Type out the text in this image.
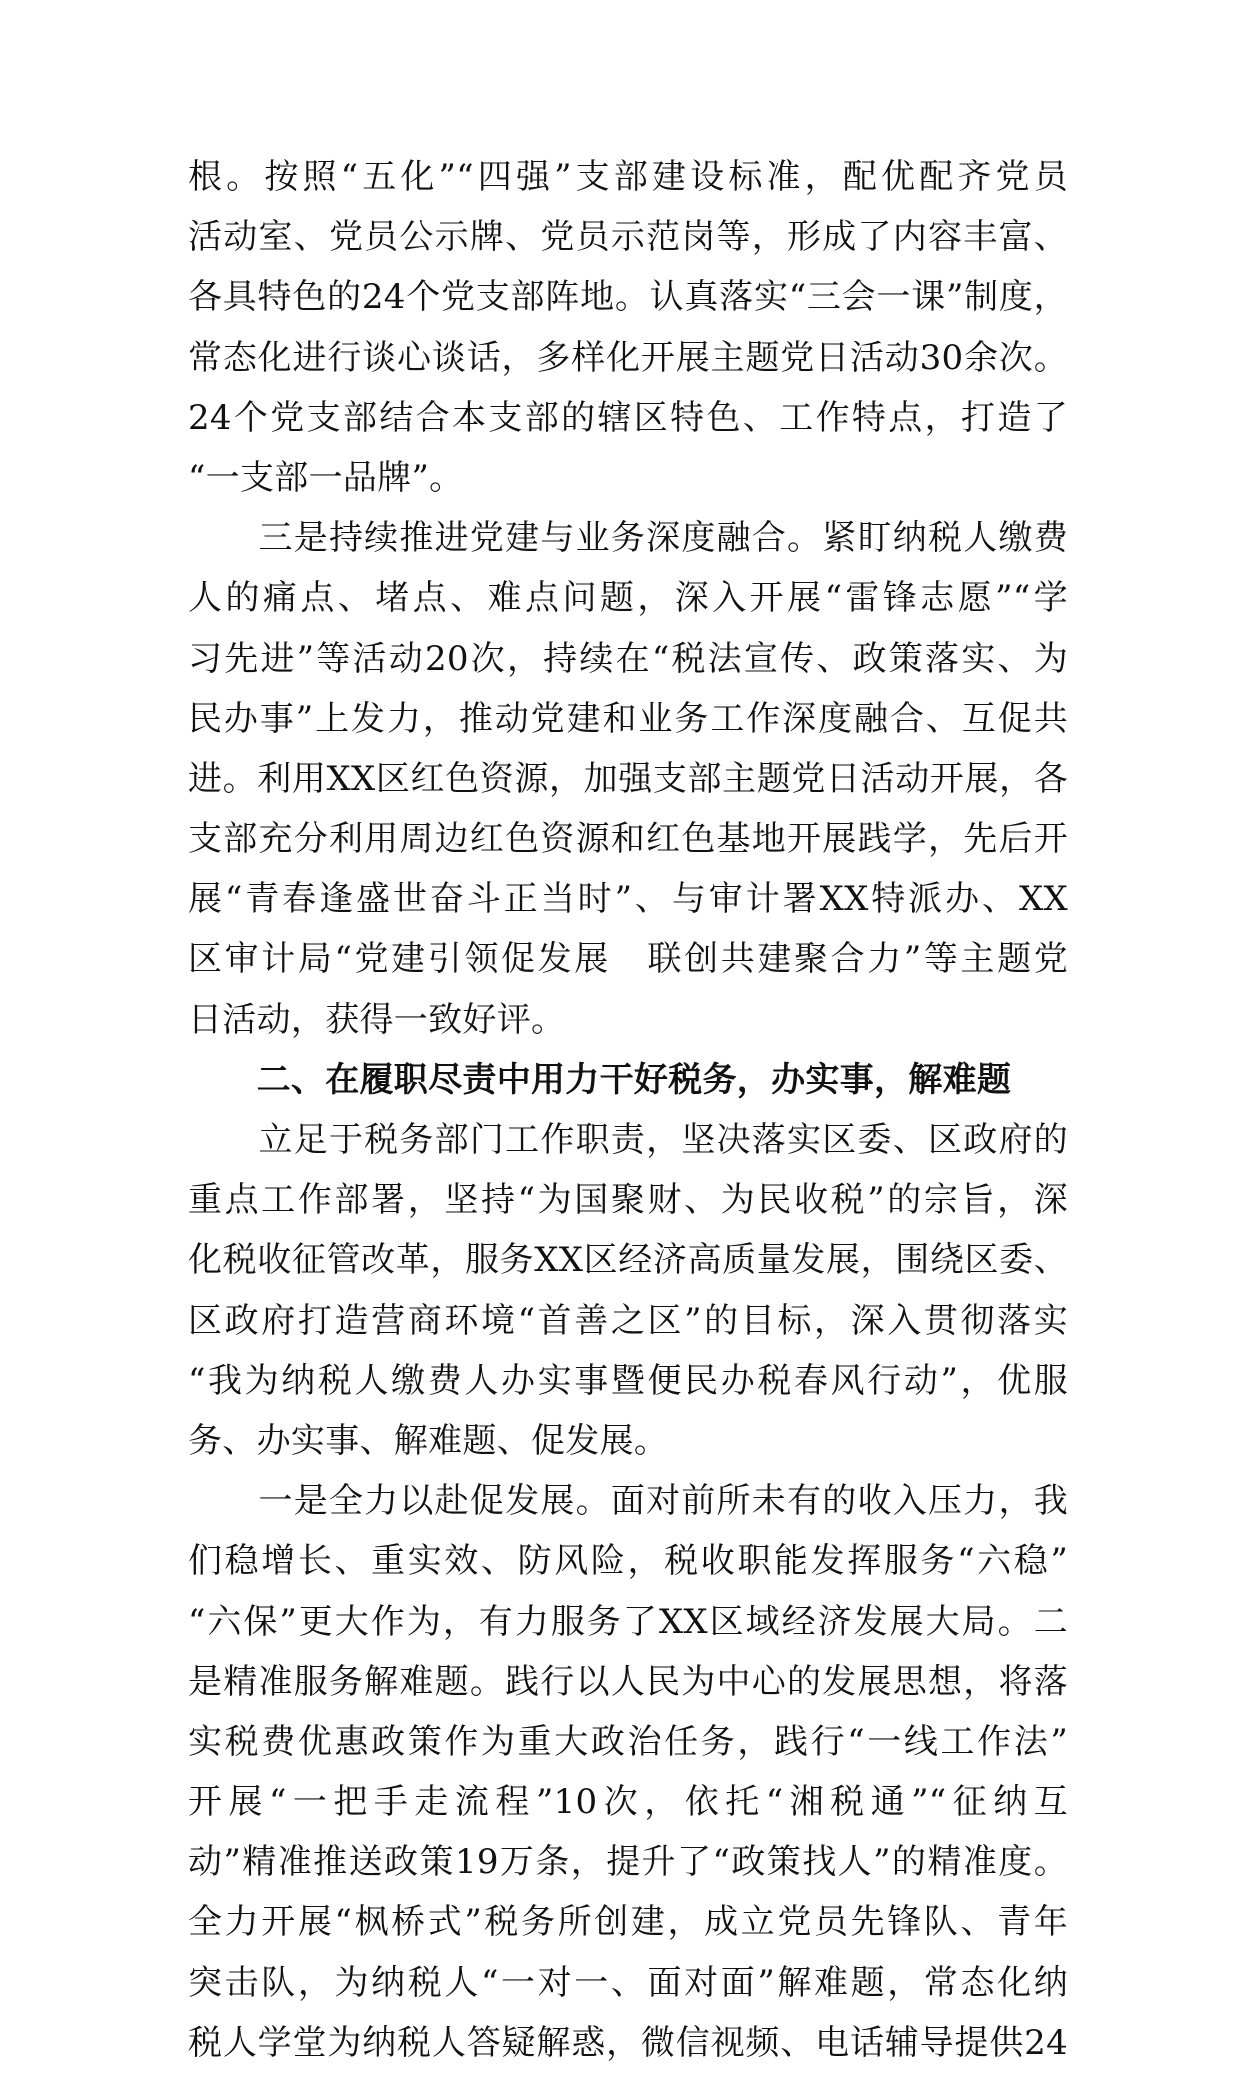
根。按照“五化”“四强”支部建设标准，配优配齐党员
活动室、党员公示牌、党员示范岗等，形成了内容丰富、
各具特色的24个党支部阵地。认真落实“三会一课”制度，
常态化进行谈心谈话，多样化开展主题党日活动30余次。
24个党支部结合本支部的辖区特色、工作特点，打造了
“一支部一品牌”。
　　三是持续推进党建与业务深度融合。紧盯纳税人缴费
人的痛点、堵点、难点问题，深入开展“雷锋志愿”“学
习先进”等活动20次，持续在“税法宣传、政策落实、为
民办事”上发力，推动党建和业务工作深度融合、互促共
进。利用XX区红色资源，加强支部主题党日活动开展，各
支部充分利用周边红色资源和红色基地开展践学，先后开
展“青春逢盛世奋斗正当时”、与审计署XX特派办、XX
区审计局“党建引领促发展　联创共建聚合力”等主题党
日活动，获得一致好评。
　　二、在履职尽责中用力干好税务，办实事，解难题
　　立足于税务部门工作职责，坚决落实区委、区政府的
重点工作部署，坚持“为国聚财、为民收税”的宗旨，深
化税收征管改革，服务XX区经济高质量发展，围绕区委、
区政府打造营商环境“首善之区”的目标，深入贯彻落实
“我为纳税人缴费人办实事暨便民办税春风行动”，优服
务、办实事、解难题、促发展。
　　一是全力以赴促发展。面对前所未有的收入压力，我
们稳增长、重实效、防风险，税收职能发挥服务“六稳”
“六保”更大作为，有力服务了XX区域经济发展大局。二
是精准服务解难题。践行以人民为中心的发展思想，将落
实税费优惠政策作为重大政治任务，践行“一线工作法”
开展“一把手走流程”10次，依托“湘税通”“征纳互
动”精准推送政策19万条，提升了“政策找人”的精准度。
全力开展“枫桥式”税务所创建，成立党员先锋队、青年
突击队，为纳税人“一对一、面对面”解难题，常态化纳
税人学堂为纳税人答疑解惑，微信视频、电话辅导提供24
